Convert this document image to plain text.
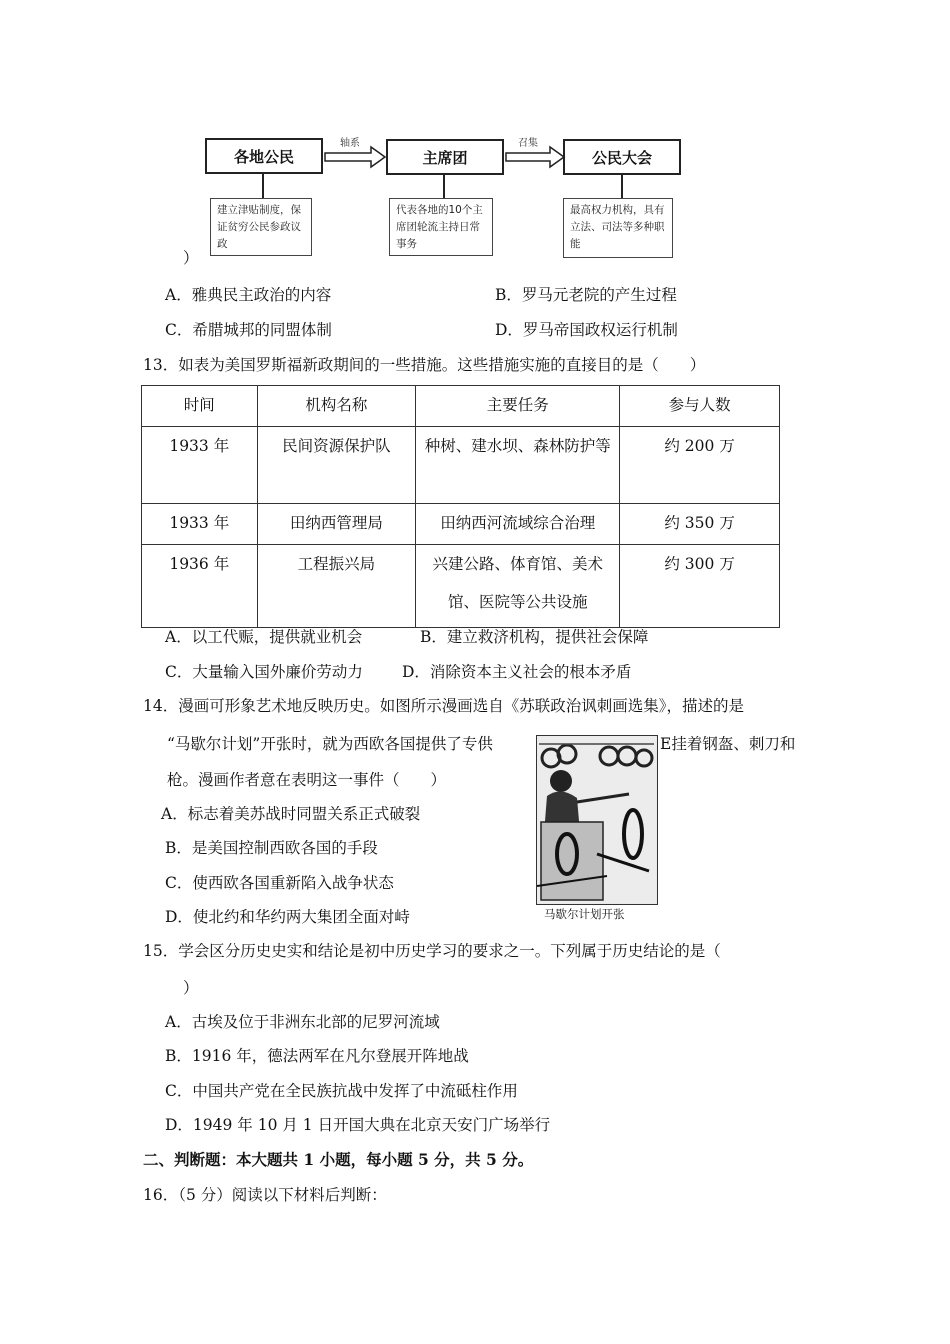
各地公民	主席团	公民大会
轴系	召集
建立津贴制度，保证贫穷公民参政议政
代表各地的10个主席团轮流主持日常事务
最高权力机构，具有立法、司法等多种职能
）
A．雅典民主政治的内容	B．罗马元老院的产生过程
C．希腊城邦的同盟体制	D．罗马帝国政权运行机制
13．如表为美国罗斯福新政期间的一些措施。这些措施实施的直接目的是（　　）
时间	机构名称	主要任务	参与人数
1933 年	民间资源保护队	种树、建水坝、森林防护等	约 200 万
1933 年	田纳西管理局	田纳西河流域综合治理	约 350 万
1936 年	工程振兴局	兴建公路、体育馆、美术馆、医院等公共设施	约 300 万
A．以工代赈，提供就业机会	B．建立救济机构，提供社会保障
C．大量输入国外廉价劳动力	D．消除资本主义社会的根本矛盾
14．漫画可形象艺术地反映历史。如图所示漫画选自《苏联政治讽刺画选集》，描述的是
“马歇尔计划”开张时，就为西欧各国提供了专供	E挂着钢盔、刺刀和
枪。漫画作者意在表明这一事件（　　）
马歇尔计划开张
A．标志着美苏战时同盟关系正式破裂
B．是美国控制西欧各国的手段
C．使西欧各国重新陷入战争状态
D．使北约和华约两大集团全面对峙
15．学会区分历史史实和结论是初中历史学习的要求之一。下列属于历史结论的是（
）
A．古埃及位于非洲东北部的尼罗河流域
B．1916 年，德法两军在凡尔登展开阵地战
C．中国共产党在全民族抗战中发挥了中流砥柱作用
D．1949 年 10 月 1 日开国大典在北京天安门广场举行
二、判断题：本大题共 1 小题，每小题 5 分，共 5 分。
16．（5 分）阅读以下材料后判断：
